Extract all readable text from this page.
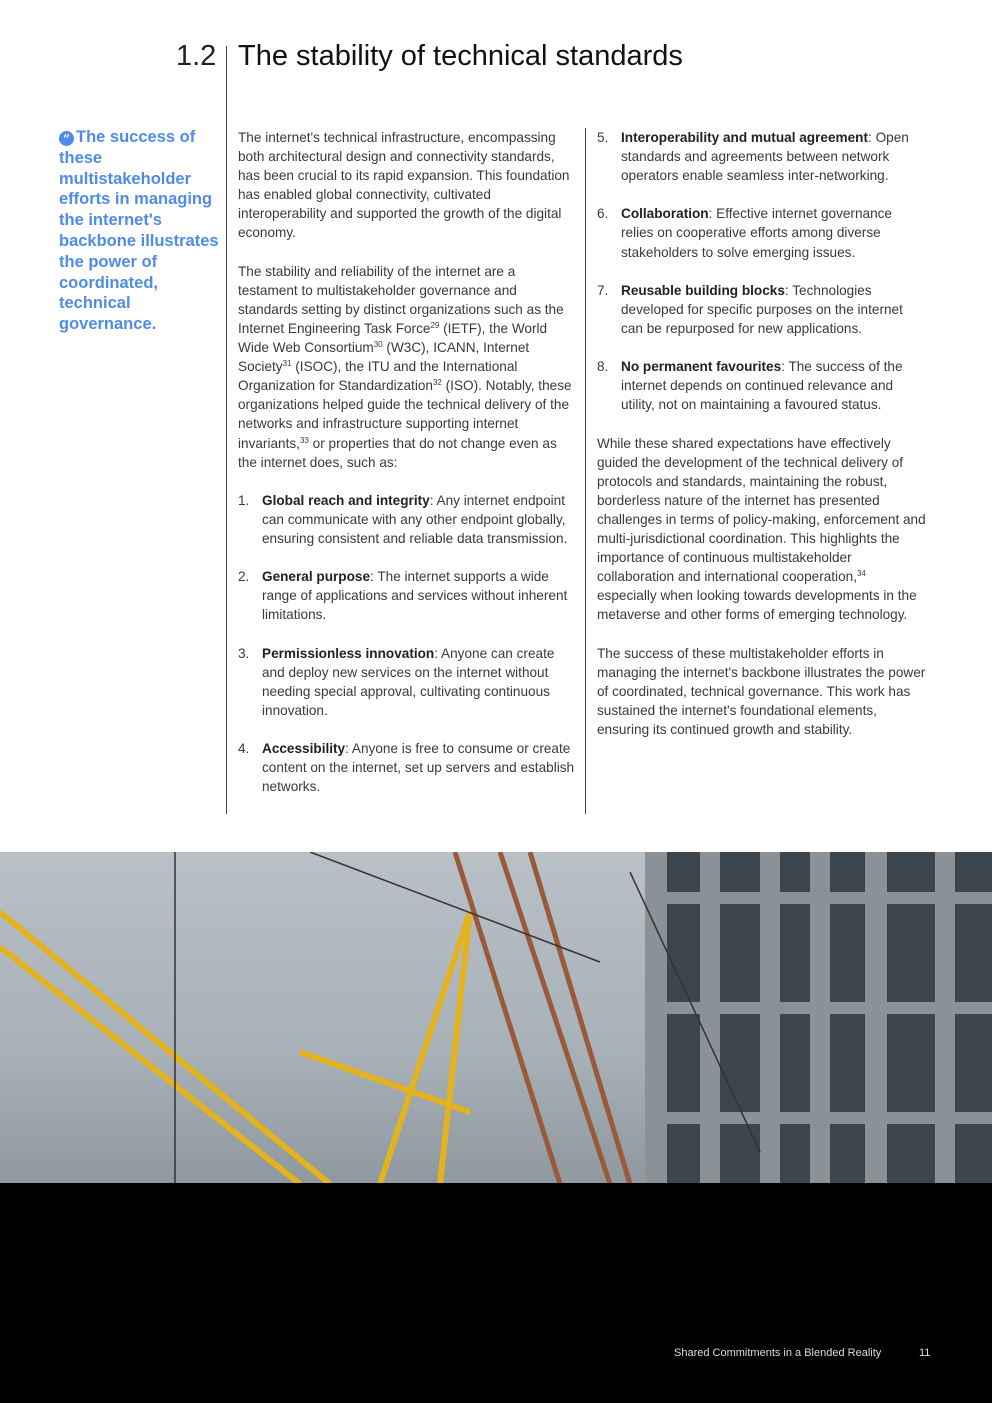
1.2 The stability of technical standards
“ The success of these multistakeholder efforts in managing the internet's backbone illustrates the power of coordinated, technical governance.

The internet's technical infrastructure, encompassing both architectural design and connectivity standards, has been crucial to its rapid expansion. This foundation has enabled global connectivity, cultivated interoperability and supported the growth of the digital economy.

The stability and reliability of the internet are a testament to multistakeholder governance and standards setting by distinct organizations such as the Internet Engineering Task Force$^{29}$ (IETF), the World Wide Web Consortium$^{30}$ (W3C), ICANN, Internet Society$^{31}$ (ISOC), the ITU and the International Organization for Standardization$^{32}$ (ISO). Notably, these organizations helped guide the technical delivery of the networks and infrastructure supporting internet invariants,$^{33}$ or properties that do not change even as the internet does, such as:

1. Global reach and integrity: Any internet endpoint can communicate with any other endpoint globally, ensuring consistent and reliable data transmission.
2. General purpose: The internet supports a wide range of applications and services without inherent limitations.
3. Permissionless innovation: Anyone can create and deploy new services on the internet without needing special approval, cultivating continuous innovation.
4. Accessibility: Anyone is free to consume or create content on the internet, set up servers and establish networks.
5. Interoperability and mutual agreement: Open standards and agreements between network operators enable seamless inter-networking.
6. Collaboration: Effective internet governance relies on cooperative efforts among diverse stakeholders to solve emerging issues.
7. Reusable building blocks: Technologies developed for specific purposes on the internet can be repurposed for new applications.
8. No permanent favourites: The success of the internet depends on continued relevance and utility, not on maintaining a favoured status.

While these shared expectations have effectively guided the development of the technical delivery of protocols and standards, maintaining the robust, borderless nature of the internet has presented challenges in terms of policy-making, enforcement and multi-jurisdictional coordination. This highlights the importance of continuous multistakeholder collaboration and international cooperation,$^{34}$ especially when looking towards developments in the metaverse and other forms of emerging technology.

The success of these multistakeholder efforts in managing the internet's backbone illustrates the power of coordinated, technical governance. This work has sustained the internet's foundational elements, ensuring its continued growth and stability.

Shared Commitments in a Blended Reality	11
